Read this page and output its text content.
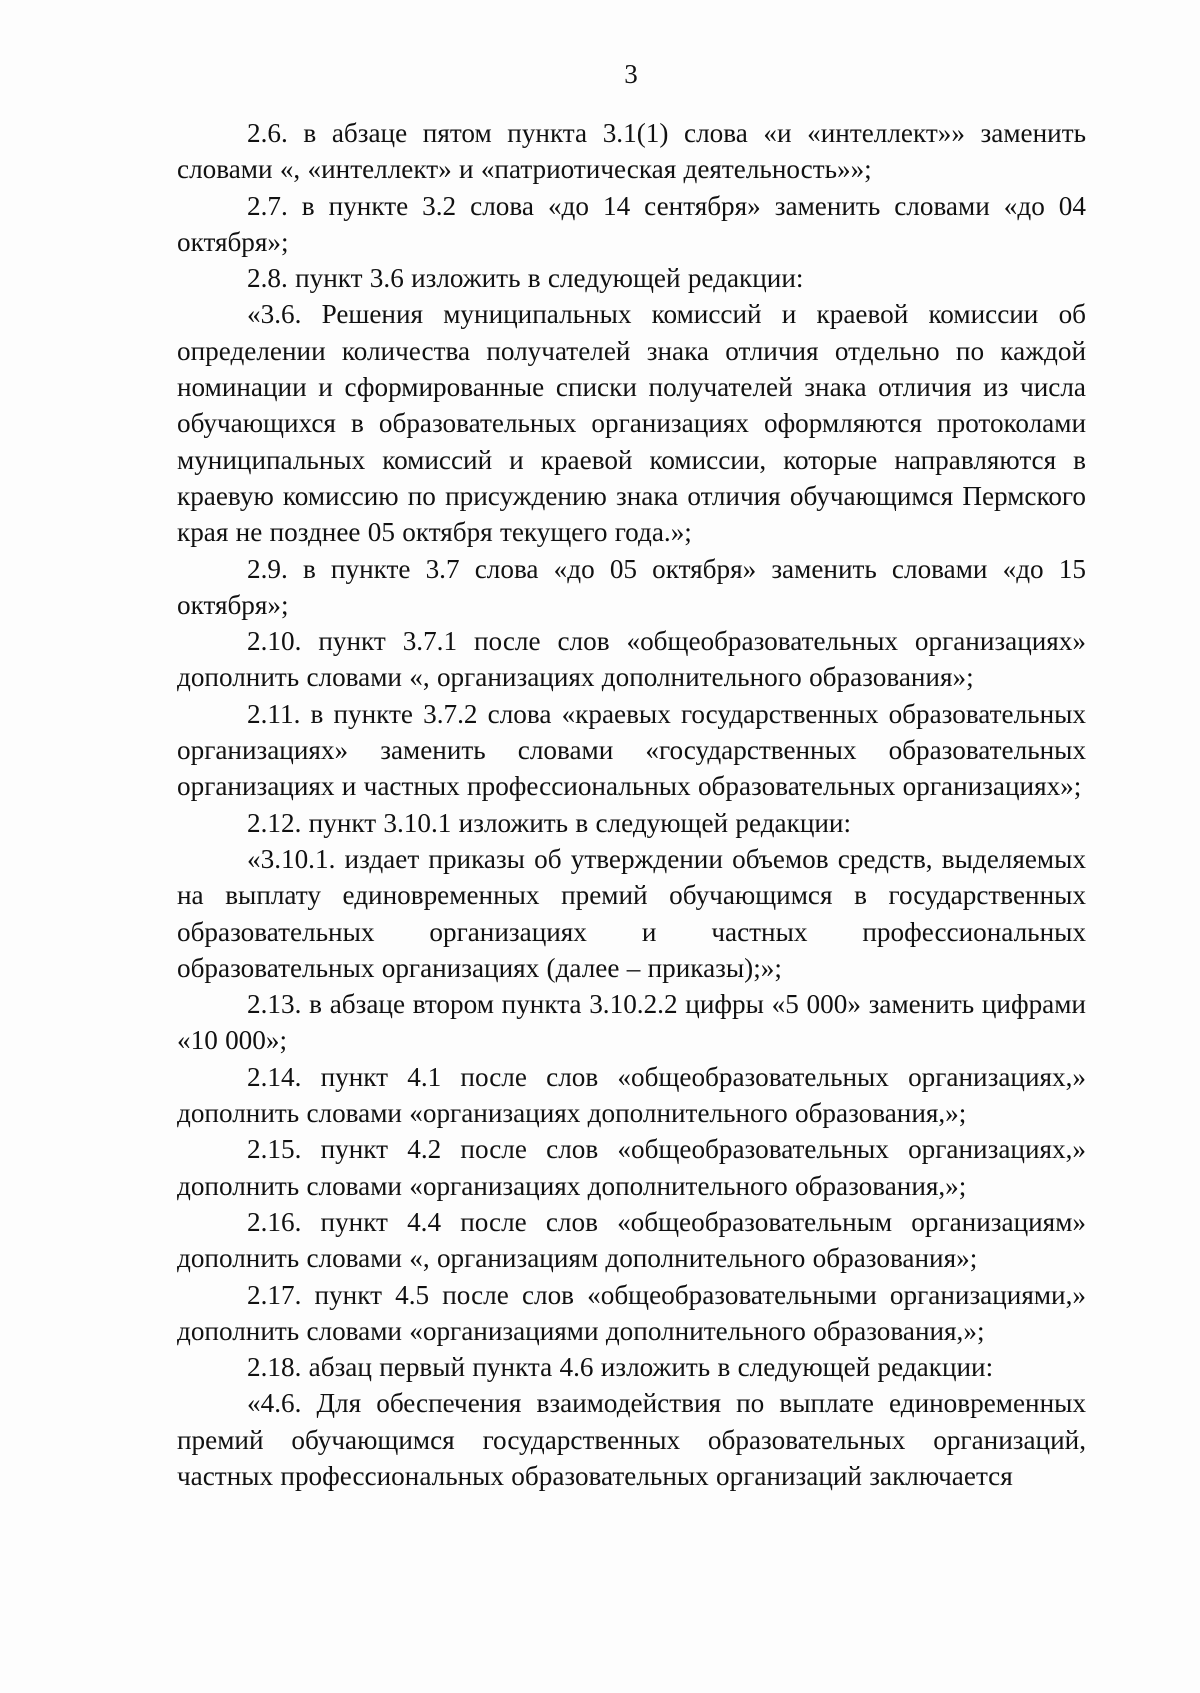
3

2.6. в абзаце пятом пункта 3.1(1) слова «и «интеллект»» заменить словами «, «интеллект» и «патриотическая деятельность»»;

2.7. в пункте 3.2 слова «до 14 сентября» заменить словами «до 04 октября»;

2.8. пункт 3.6 изложить в следующей редакции:

«3.6. Решения муниципальных комиссий и краевой комиссии об определении количества получателей знака отличия отдельно по каждой номинации и сформированные списки получателей знака отличия из числа обучающихся в образовательных организациях оформляются протоколами муниципальных комиссий и краевой комиссии, которые направляются в краевую комиссию по присуждению знака отличия обучающимся Пермского края не позднее 05 октября текущего года.»;

2.9. в пункте 3.7 слова «до 05 октября» заменить словами «до 15 октября»;

2.10. пункт 3.7.1 после слов «общеобразовательных организациях» дополнить словами «, организациях дополнительного образования»;

2.11. в пункте 3.7.2 слова «краевых государственных образовательных организациях» заменить словами «государственных образовательных организациях и частных профессиональных образовательных организациях»;

2.12. пункт 3.10.1 изложить в следующей редакции:

«3.10.1. издает приказы об утверждении объемов средств, выделяемых на выплату единовременных премий обучающимся в государственных образовательных организациях и частных профессиональных образовательных организациях (далее – приказы);»;

2.13. в абзаце втором пункта 3.10.2.2 цифры «5 000» заменить цифрами «10 000»;

2.14. пункт 4.1 после слов «общеобразовательных организациях,» дополнить словами «организациях дополнительного образования,»;

2.15. пункт 4.2 после слов «общеобразовательных организациях,» дополнить словами «организациях дополнительного образования,»;

2.16. пункт 4.4 после слов «общеобразовательным организациям» дополнить словами «, организациям дополнительного образования»;

2.17. пункт 4.5 после слов «общеобразовательными организациями,» дополнить словами «организациями дополнительного образования,»;

2.18. абзац первый пункта 4.6 изложить в следующей редакции:

«4.6. Для обеспечения взаимодействия по выплате единовременных премий обучающимся государственных образовательных организаций, частных профессиональных образовательных организаций заключается
